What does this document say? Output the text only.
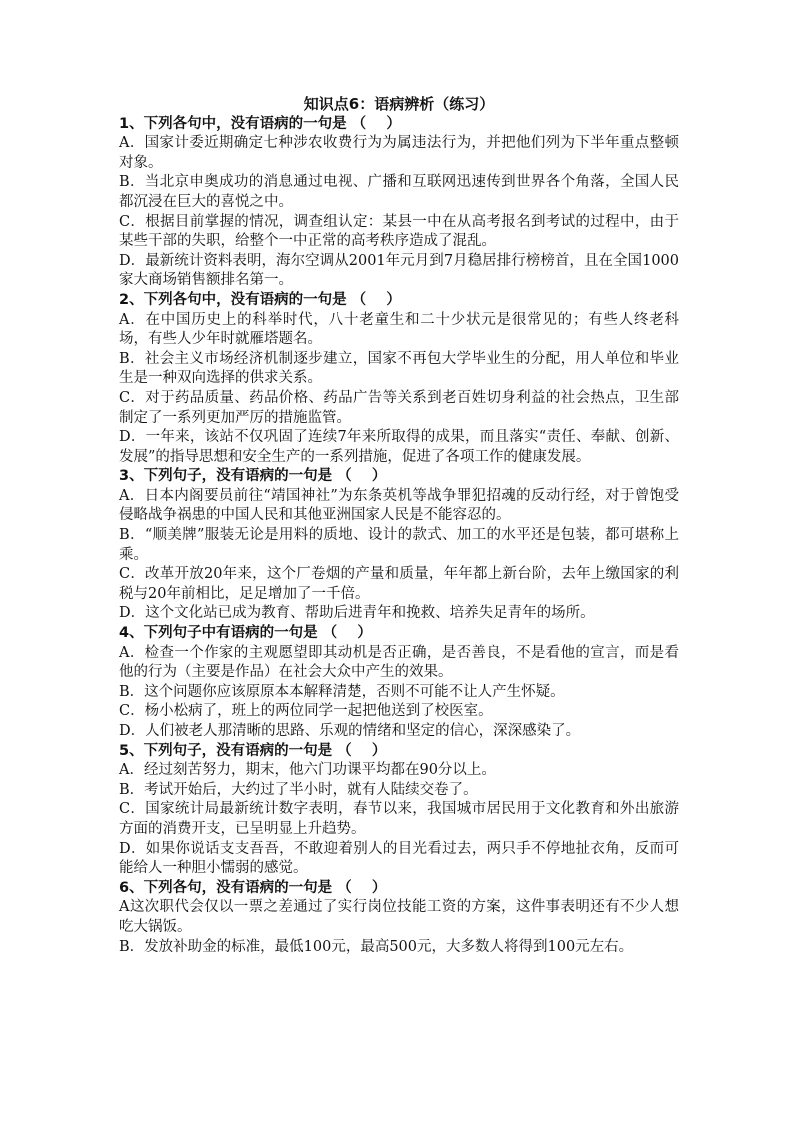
知识点6：语病辨析（练习）
1、下列各句中，没有语病的一句是 （    ）
A．国家计委近期确定七种涉农收费行为为属违法行为，并把他们列为下半年重点整顿对象。
B．当北京申奥成功的消息通过电视、广播和互联网迅速传到世界各个角落，全国人民都沉浸在巨大的喜悦之中。
C．根据目前掌握的情况，调查组认定：某县一中在从高考报名到考试的过程中，由于某些干部的失职，给整个一中正常的高考秩序造成了混乱。
D．最新统计资料表明，海尔空调从2001年元月到7月稳居排行榜榜首，且在全国1000家大商场销售额排名第一。
2、下列各句中，没有语病的一句是 （    ）
A．在中国历史上的科举时代，八十老童生和二十少状元是很常见的；有些人终老科场，有些人少年时就雁塔题名。
B．社会主义市场经济机制逐步建立，国家不再包大学毕业生的分配，用人单位和毕业生是一种双向选择的供求关系。
C．对于药品质量、药品价格、药品广告等关系到老百姓切身利益的社会热点，卫生部制定了一系列更加严厉的措施监管。
D．一年来，该站不仅巩固了连续7年来所取得的成果，而且落实“责任、奉献、创新、发展”的指导思想和安全生产的一系列措施，促进了各项工作的健康发展。
3、下列句子，没有语病的一句是 （    ）
A．日本内阁要员前往“靖国神社”为东条英机等战争罪犯招魂的反动行经，对于曾饱受侵略战争祸患的中国人民和其他亚洲国家人民是不能容忍的。
B．“顺美牌”服装无论是用料的质地、设计的款式、加工的水平还是包装，都可堪称上乘。
C．改革开放20年来，这个厂卷烟的产量和质量，年年都上新台阶，去年上缴国家的利税与20年前相比，足足增加了一千倍。
D．这个文化站已成为教育、帮助后进青年和挽救、培养失足青年的场所。
4、下列句子中有语病的一句是 （    ）
A．检查一个作家的主观愿望即其动机是否正确，是否善良，不是看他的宣言，而是看他的行为（主要是作品）在社会大众中产生的效果。
B．这个问题你应该原原本本解释清楚，否则不可能不让人产生怀疑。
C．杨小松病了，班上的两位同学一起把他送到了校医室。
D．人们被老人那清晰的思路、乐观的情绪和坚定的信心，深深感染了。
5、下列句子，没有语病的一句是 （    ）
A．经过刻苦努力，期末，他六门功课平均都在90分以上。
B．考试开始后，大约过了半小时，就有人陆续交卷了。
C．国家统计局最新统计数字表明，春节以来，我国城市居民用于文化教育和外出旅游方面的消费开支，已呈明显上升趋势。
D．如果你说话支支吾吾，不敢迎着别人的目光看过去，两只手不停地扯衣角，反而可能给人一种胆小懦弱的感觉。
6、下列各句，没有语病的一句是 （    ）
A这次职代会仅以一票之差通过了实行岗位技能工资的方案，这件事表明还有不少人想吃大锅饭。
B．发放补助金的标准，最低100元，最高500元，大多数人将得到100元左右。
